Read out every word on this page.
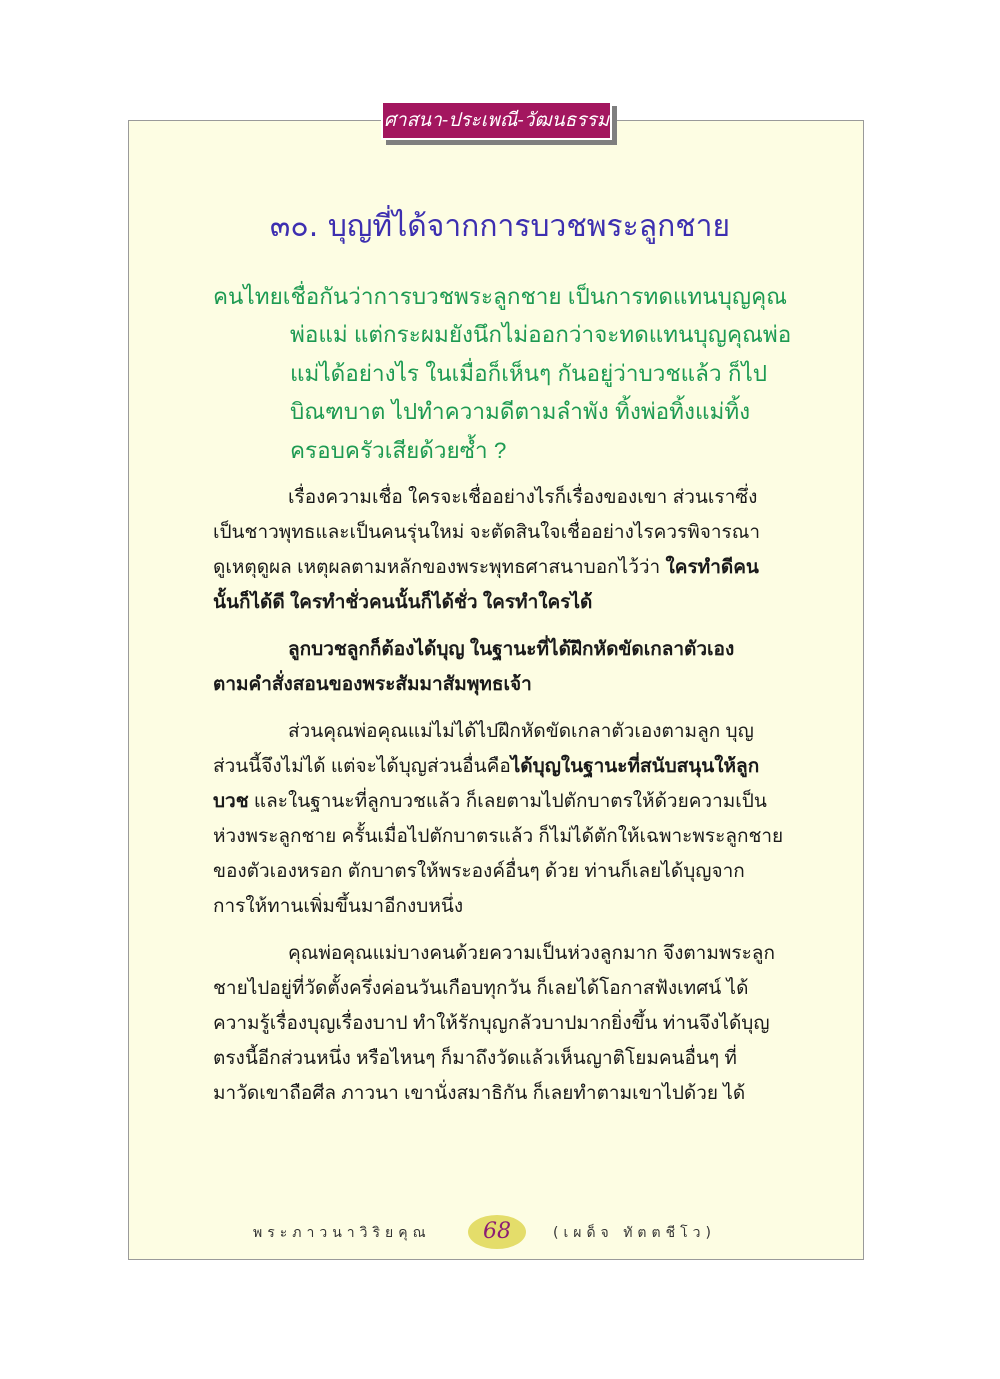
ศาสนา-ประเพณี-วัฒนธรรม
๓๐. บุญที่ได้จากการบวชพระลูกชาย
คนไทยเชื่อกันว่าการบวชพระลูกชาย เป็นการทดแทนบุญคุณ
พ่อแม่ แต่กระผมยังนึกไม่ออกว่าจะทดแทนบุญคุณพ่อ
แม่ได้อย่างไร ในเมื่อก็เห็นๆ กันอยู่ว่าบวชแล้ว ก็ไป
บิณฑบาต ไปทำความดีตามลำพัง ทิ้งพ่อทิ้งแม่ทิ้ง
ครอบครัวเสียด้วยซ้ำ ?
เรื่องความเชื่อ ใครจะเชื่ออย่างไรก็เรื่องของเขา ส่วนเราซึ่ง
เป็นชาวพุทธและเป็นคนรุ่นใหม่ จะตัดสินใจเชื่ออย่างไรควรพิจารณา
ดูเหตุดูผล เหตุผลตามหลักของพระพุทธศาสนาบอกไว้ว่า ใครทำดีคน
นั้นก็ได้ดี ใครทำชั่วคนนั้นก็ได้ชั่ว ใครทำใครได้
ลูกบวชลูกก็ต้องได้บุญ ในฐานะที่ได้ฝึกหัดขัดเกลาตัวเอง
ตามคำสั่งสอนของพระสัมมาสัมพุทธเจ้า
ส่วนคุณพ่อคุณแม่ไม่ได้ไปฝึกหัดขัดเกลาตัวเองตามลูก บุญ
ส่วนนี้จึงไม่ได้ แต่จะได้บุญส่วนอื่นคือได้บุญในฐานะที่สนับสนุนให้ลูก
บวช และในฐานะที่ลูกบวชแล้ว ก็เลยตามไปตักบาตรให้ด้วยความเป็น
ห่วงพระลูกชาย ครั้นเมื่อไปตักบาตรแล้ว ก็ไม่ได้ตักให้เฉพาะพระลูกชาย
ของตัวเองหรอก ตักบาตรให้พระองค์อื่นๆ ด้วย ท่านก็เลยได้บุญจาก
การให้ทานเพิ่มขึ้นมาอีกงบหนึ่ง
คุณพ่อคุณแม่บางคนด้วยความเป็นห่วงลูกมาก จึงตามพระลูก
ชายไปอยู่ที่วัดตั้งครึ่งค่อนวันเกือบทุกวัน ก็เลยได้โอกาสฟังเทศน์ ได้
ความรู้เรื่องบุญเรื่องบาป ทำให้รักบุญกลัวบาปมากยิ่งขึ้น ท่านจึงได้บุญ
ตรงนี้อีกส่วนหนึ่ง หรือไหนๆ ก็มาถึงวัดแล้วเห็นญาติโยมคนอื่นๆ ที่
มาวัดเขาถือศีล ภาวนา เขานั่งสมาธิกัน ก็เลยทำตามเขาไปด้วย ได้
พระภาวนาวิริยคุณ	68	(เผด็จ ทัตตชีโว)
